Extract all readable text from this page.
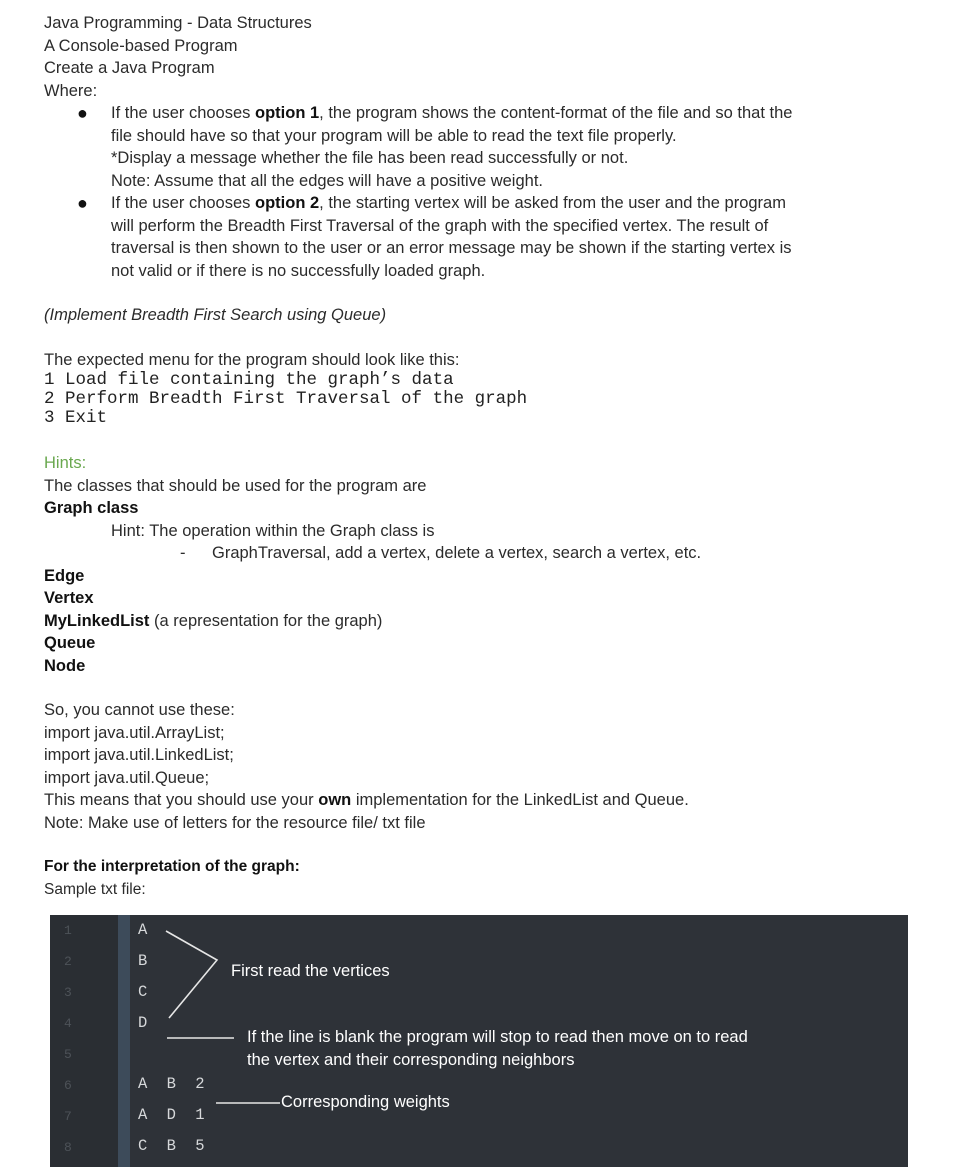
Java Programming - Data Structures
A Console-based Program
Create a Java Program
Where:
● If the user chooses option 1, the program shows the content-format of the file and so that the
file should have so that your program will be able to read the text file properly.
*Display a message whether the file has been read successfully or not.
Note: Assume that all the edges will have a positive weight.
● If the user chooses option 2, the starting vertex will be asked from the user and the program
will perform the Breadth First Traversal of the graph with the specified vertex. The result of
traversal is then shown to the user or an error message may be shown if the starting vertex is
not valid or if there is no successfully loaded graph.
(Implement Breadth First Search using Queue)
The expected menu for the program should look like this:
1 Load file containing the graph’s data
2 Perform Breadth First Traversal of the graph
3 Exit
Hints:
The classes that should be used for the program are
Graph class
Hint: The operation within the Graph class is
- GraphTraversal, add a vertex, delete a vertex, search a vertex, etc.
Edge
Vertex
MyLinkedList (a representation for the graph)
Queue
Node
So, you cannot use these:
import java.util.ArrayList;
import java.util.LinkedList;
import java.util.Queue;
This means that you should use your own implementation for the LinkedList and Queue.
Note: Make use of letters for the resource file/ txt file
For the interpretation of the graph:
Sample txt file:
1
2
3
4
5
6
7
8
A
B
C
D
A B 2
A D 1
C B 5
First read the vertices
If the line is blank the program will stop to read then move on to read
the vertex and their corresponding neighbors
Corresponding weights
